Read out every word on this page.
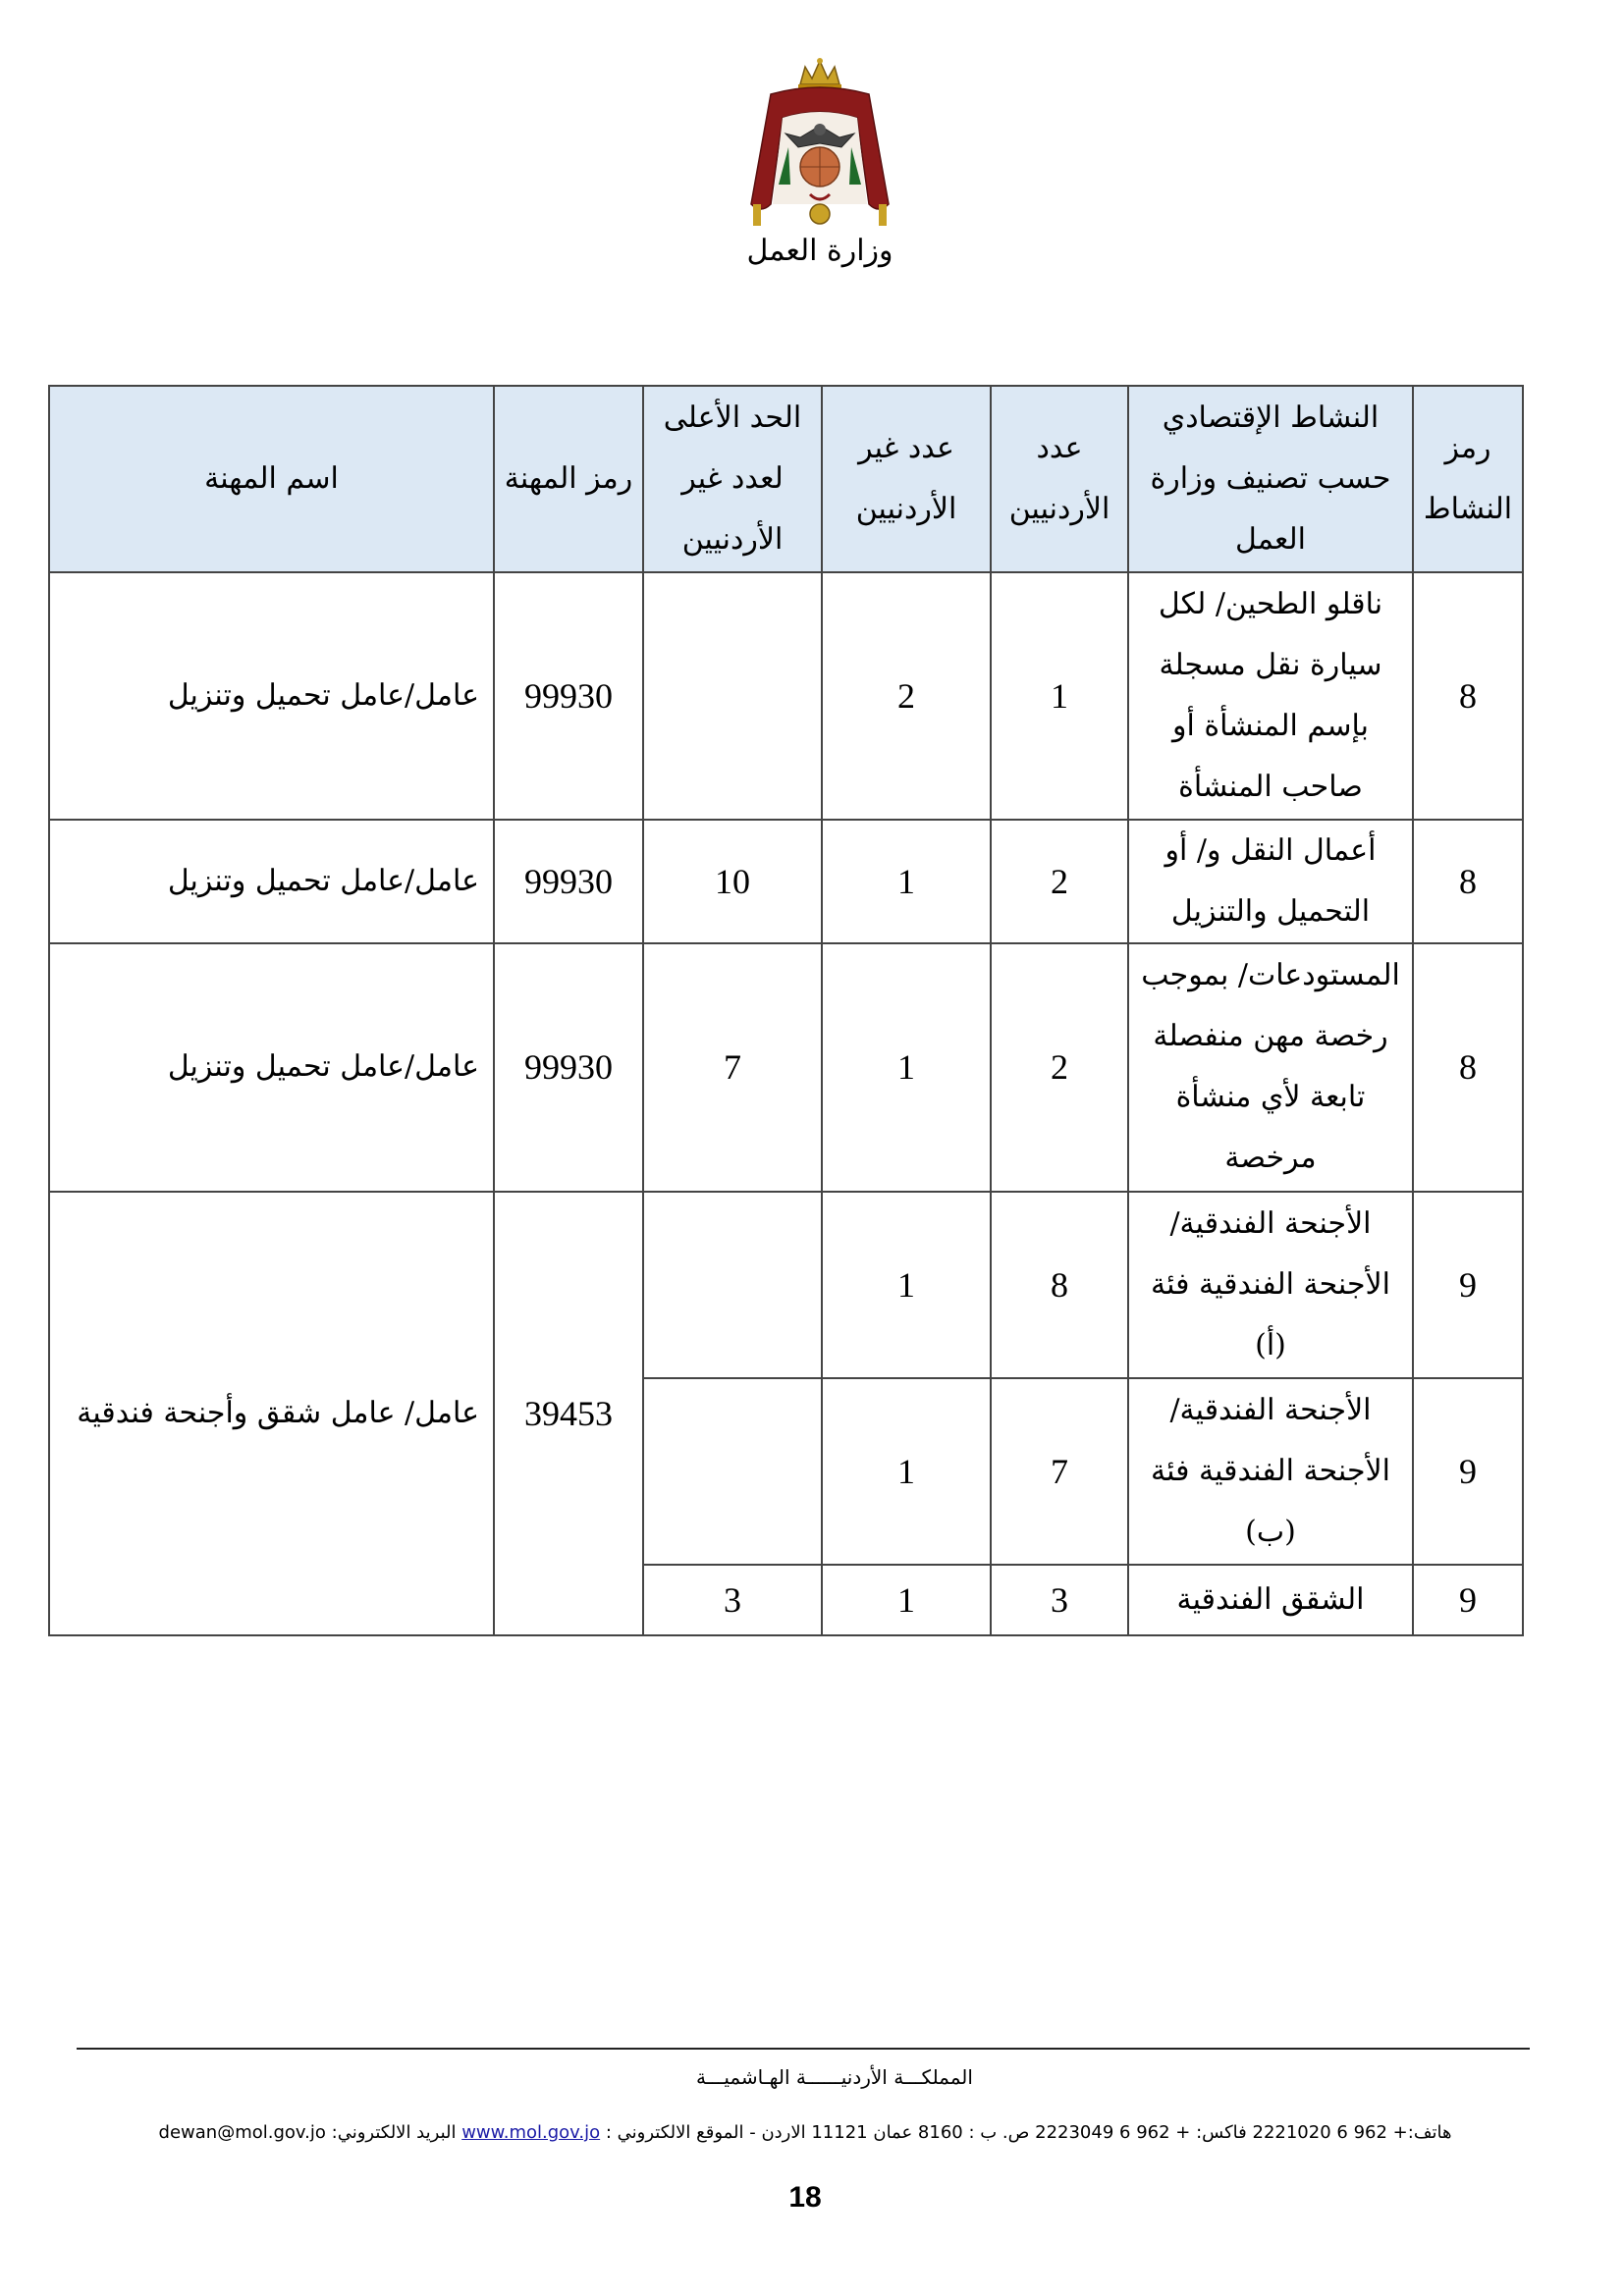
وزارة العمل
رمز النشاط	النشاط الإقتصادي حسب تصنيف وزارة العمل	عدد الأردنيين	عدد غير الأردنيين	الحد الأعلى لعدد غير الأردنيين	رمز المهنة	اسم المهنة
8	ناقلو الطحين/ لكل سيارة نقل مسجلة بإسم المنشأة أو صاحب المنشأة	1	2		99930	عامل/عامل تحميل وتنزيل
8	أعمال النقل و/ أو التحميل والتنزيل	2	1	10	99930	عامل/عامل تحميل وتنزيل
8	المستودعات/ بموجب رخصة مهن منفصلة تابعة لأي منشأة مرخصة	2	1	7	99930	عامل/عامل تحميل وتنزيل
9	الأجنحة الفندقية/ الأجنحة الفندقية فئة (أ)	8	1		39453	عامل/ عامل شقق وأجنحة فندقية
9	الأجنحة الفندقية/ الأجنحة الفندقية فئة (ب)	7	1			
9	الشقق الفندقية	3	1	3		
المملكـــة الأردنيــــــة الهـاشميـــة
هاتف:+ 962 6 2221020 فاكس: + 962 6 2223049 ص. ب : 8160 عمان 11121 الاردن - الموقع الالكتروني : www.mol.gov.jo البريد الالكتروني: dewan@mol.gov.jo
18
